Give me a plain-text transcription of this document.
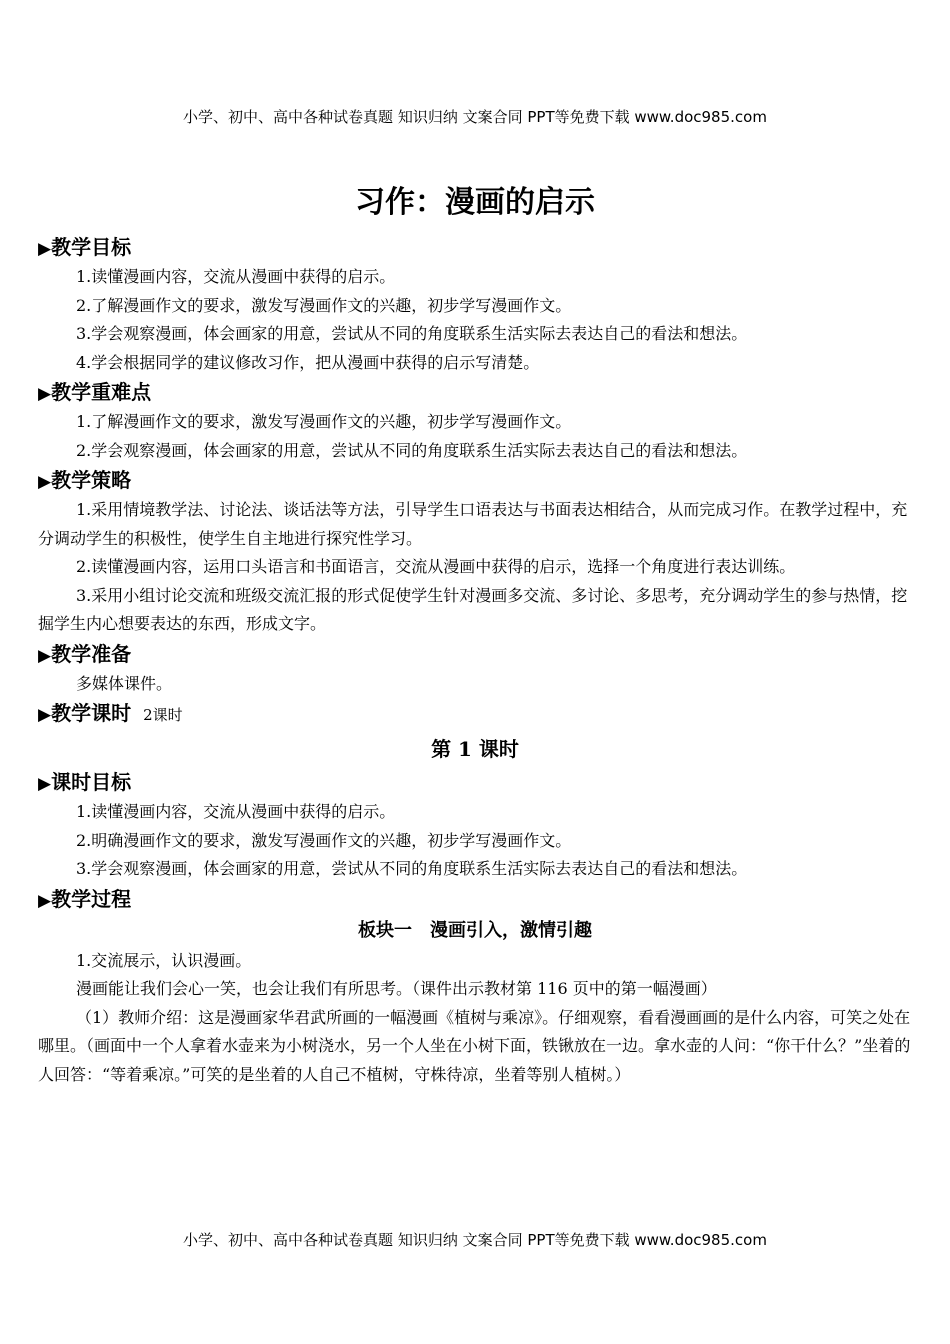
小学、初中、高中各种试卷真题 知识归纳 文案合同 PPT等免费下载 www.doc985.com
习作：漫画的启示
▶教学目标

1.读懂漫画内容，交流从漫画中获得的启示。

2.了解漫画作文的要求，激发写漫画作文的兴趣，初步学写漫画作文。

3.学会观察漫画，体会画家的用意，尝试从不同的角度联系生活实际去表达自己的看法和想法。

4.学会根据同学的建议修改习作，把从漫画中获得的启示写清楚。

▶教学重难点

1.了解漫画作文的要求，激发写漫画作文的兴趣，初步学写漫画作文。

2.学会观察漫画，体会画家的用意，尝试从不同的角度联系生活实际去表达自己的看法和想法。

▶教学策略

1.采用情境教学法、讨论法、谈话法等方法，引导学生口语表达与书面表达相结合，从而完成习作。在教学过程中，充分调动学生的积极性，使学生自主地进行探究性学习。

2.读懂漫画内容，运用口头语言和书面语言，交流从漫画中获得的启示，选择一个角度进行表达训练。

3.采用小组讨论交流和班级交流汇报的形式促使学生针对漫画多交流、多讨论、多思考，充分调动学生的参与热情，挖掘学生内心想要表达的东西，形成文字。

▶教学准备

多媒体课件。

▶教学课时 2课时
第 1 课时
▶课时目标

1.读懂漫画内容，交流从漫画中获得的启示。

2.明确漫画作文的要求，激发写漫画作文的兴趣，初步学写漫画作文。

3.学会观察漫画，体会画家的用意，尝试从不同的角度联系生活实际去表达自己的看法和想法。

▶教学过程
板块一　漫画引入，激情引趣

1.交流展示，认识漫画。

漫画能让我们会心一笑，也会让我们有所思考。（课件出示教材第 116 页中的第一幅漫画）

（1）教师介绍：这是漫画家华君武所画的一幅漫画《植树与乘凉》。仔细观察，看看漫画画的是什么内容，可笑之处在哪里。（画面中一个人拿着水壶来为小树浇水，另一个人坐在小树下面，铁锹放在一边。拿水壶的人问：“你干什么？”坐着的人回答：“等着乘凉。”可笑的是坐着的人自己不植树，守株待凉，坐着等别人植树。）

小学、初中、高中各种试卷真题 知识归纳 文案合同 PPT等免费下载 www.doc985.com
